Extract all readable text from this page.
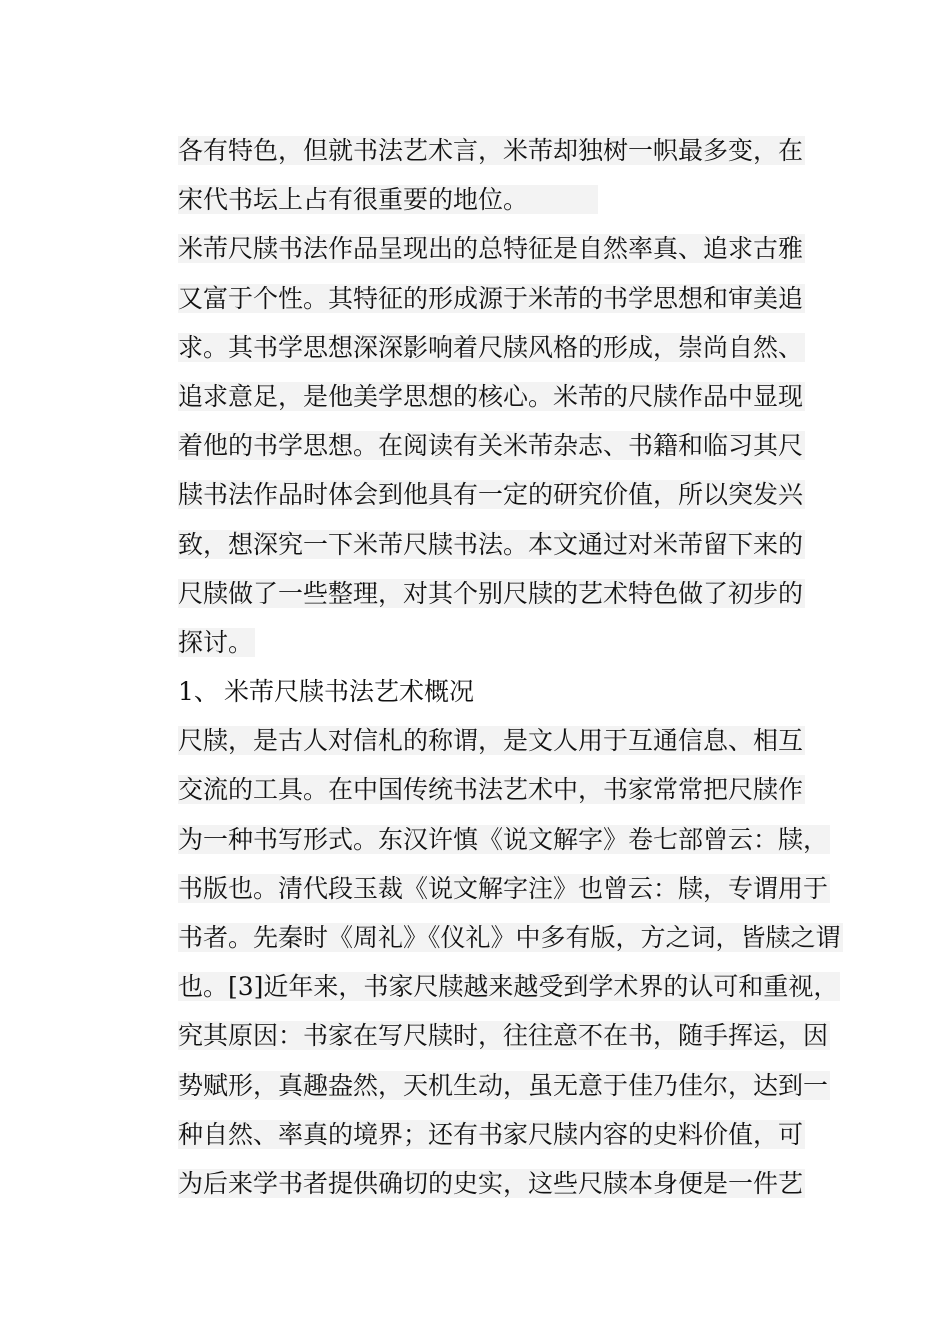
各有特色，但就书法艺术言，米芾却独树一帜最多变，在
宋代书坛上占有很重要的地位。
米芾尺牍书法作品呈现出的总特征是自然率真、追求古雅
又富于个性。其特征的形成源于米芾的书学思想和审美追
求。其书学思想深深影响着尺牍风格的形成，崇尚自然、
追求意足，是他美学思想的核心。米芾的尺牍作品中显现
着他的书学思想。在阅读有关米芾杂志、书籍和临习其尺
牍书法作品时体会到他具有一定的研究价值，所以突发兴
致，想深究一下米芾尺牍书法。本文通过对米芾留下来的
尺牍做了一些整理，对其个别尺牍的艺术特色做了初步的
探讨。
1、 米芾尺牍书法艺术概况
尺牍，是古人对信札的称谓，是文人用于互通信息、相互
交流的工具。在中国传统书法艺术中，书家常常把尺牍作
为一种书写形式。东汉许慎《说文解字》卷七部曾云：牍，
书版也。清代段玉裁《说文解字注》也曾云：牍，专谓用于
书者。先秦时《周礼》《仪礼》中多有版，方之词，皆牍之谓
也。[3]近年来，书家尺牍越来越受到学术界的认可和重视，
究其原因：书家在写尺牍时，往往意不在书，随手挥运，因
势赋形，真趣盎然，天机生动，虽无意于佳乃佳尔，达到一
种自然、率真的境界；还有书家尺牍内容的史料价值，可
为后来学书者提供确切的史实，这些尺牍本身便是一件艺
